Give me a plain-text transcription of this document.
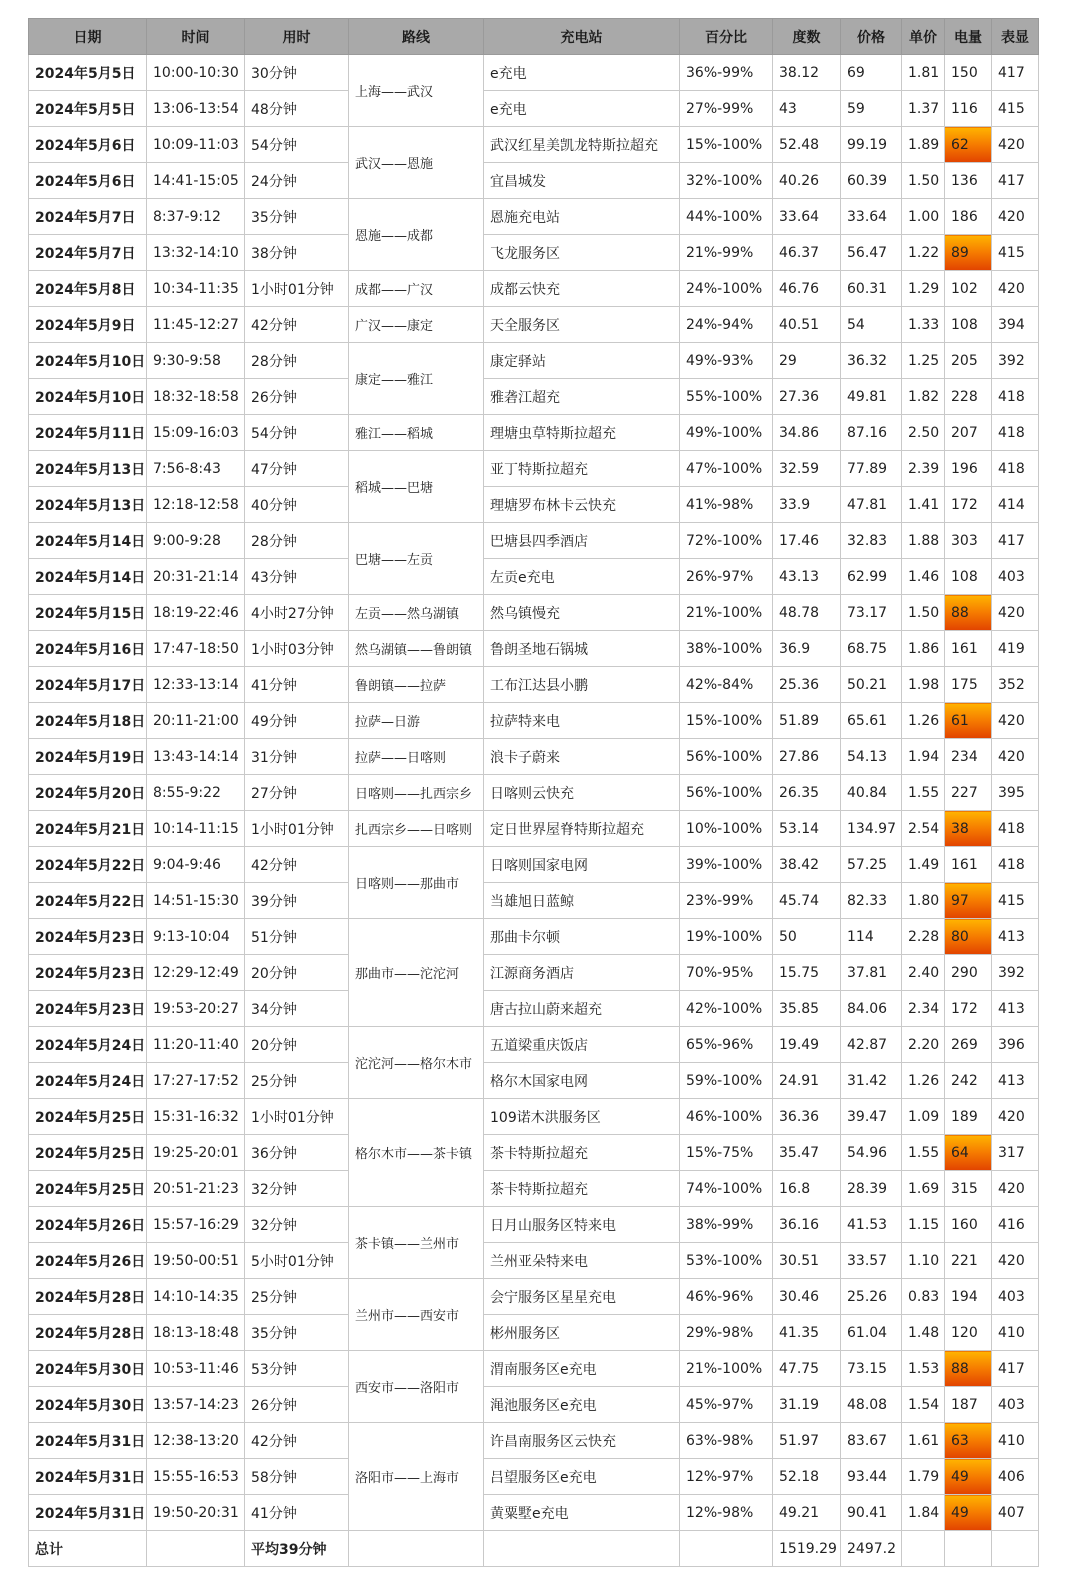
日期	时间	用时	路线	充电站	百分比	度数	价格	单价	电量	表显
2024年5月5日	10:00-10:30	30分钟	上海——武汉	e充电	36%-99%	38.12	69	1.81	150	417
2024年5月5日	13:06-13:54	48分钟		e充电	27%-99%	43	59	1.37	116	415
2024年5月6日	10:09-11:03	54分钟	武汉——恩施	武汉红星美凯龙特斯拉超充	15%-100%	52.48	99.19	1.89	62	420
2024年5月6日	14:41-15:05	24分钟		宜昌城发	32%-100%	40.26	60.39	1.50	136	417
2024年5月7日	8:37-9:12	35分钟	恩施——成都	恩施充电站	44%-100%	33.64	33.64	1.00	186	420
2024年5月7日	13:32-14:10	38分钟		飞龙服务区	21%-99%	46.37	56.47	1.22	89	415
2024年5月8日	10:34-11:35	1小时01分钟	成都——广汉	成都云快充	24%-100%	46.76	60.31	1.29	102	420
2024年5月9日	11:45-12:27	42分钟	广汉——康定	天全服务区	24%-94%	40.51	54	1.33	108	394
2024年5月10日	9:30-9:58	28分钟	康定——雅江	康定驿站	49%-93%	29	36.32	1.25	205	392
2024年5月10日	18:32-18:58	26分钟		雅砻江超充	55%-100%	27.36	49.81	1.82	228	418
2024年5月11日	15:09-16:03	54分钟	雅江——稻城	理塘虫草特斯拉超充	49%-100%	34.86	87.16	2.50	207	418
2024年5月13日	7:56-8:43	47分钟	稻城——巴塘	亚丁特斯拉超充	47%-100%	32.59	77.89	2.39	196	418
2024年5月13日	12:18-12:58	40分钟		理塘罗布林卡云快充	41%-98%	33.9	47.81	1.41	172	414
2024年5月14日	9:00-9:28	28分钟	巴塘——左贡	巴塘县四季酒店	72%-100%	17.46	32.83	1.88	303	417
2024年5月14日	20:31-21:14	43分钟		左贡e充电	26%-97%	43.13	62.99	1.46	108	403
2024年5月15日	18:19-22:46	4小时27分钟	左贡——然乌湖镇	然乌镇慢充	21%-100%	48.78	73.17	1.50	88	420
2024年5月16日	17:47-18:50	1小时03分钟	然乌湖镇——鲁朗镇	鲁朗圣地石锅城	38%-100%	36.9	68.75	1.86	161	419
2024年5月17日	12:33-13:14	41分钟	鲁朗镇——拉萨	工布江达县小鹏	42%-84%	25.36	50.21	1.98	175	352
2024年5月18日	20:11-21:00	49分钟	拉萨—日游	拉萨特来电	15%-100%	51.89	65.61	1.26	61	420
2024年5月19日	13:43-14:14	31分钟	拉萨——日喀则	浪卡子蔚来	56%-100%	27.86	54.13	1.94	234	420
2024年5月20日	8:55-9:22	27分钟	日喀则——扎西宗乡	日喀则云快充	56%-100%	26.35	40.84	1.55	227	395
2024年5月21日	10:14-11:15	1小时01分钟	扎西宗乡——日喀则	定日世界屋脊特斯拉超充	10%-100%	53.14	134.97	2.54	38	418
2024年5月22日	9:04-9:46	42分钟	日喀则——那曲市	日喀则国家电网	39%-100%	38.42	57.25	1.49	161	418
2024年5月22日	14:51-15:30	39分钟		当雄旭日蓝鲸	23%-99%	45.74	82.33	1.80	97	415
2024年5月23日	9:13-10:04	51分钟	那曲市——沱沱河	那曲卡尔顿	19%-100%	50	114	2.28	80	413
2024年5月23日	12:29-12:49	20分钟		江源商务酒店	70%-95%	15.75	37.81	2.40	290	392
2024年5月23日	19:53-20:27	34分钟		唐古拉山蔚来超充	42%-100%	35.85	84.06	2.34	172	413
2024年5月24日	11:20-11:40	20分钟	沱沱河——格尔木市	五道梁重庆饭店	65%-96%	19.49	42.87	2.20	269	396
2024年5月24日	17:27-17:52	25分钟		格尔木国家电网	59%-100%	24.91	31.42	1.26	242	413
2024年5月25日	15:31-16:32	1小时01分钟	格尔木市——茶卡镇	109诺木洪服务区	46%-100%	36.36	39.47	1.09	189	420
2024年5月25日	19:25-20:01	36分钟		茶卡特斯拉超充	15%-75%	35.47	54.96	1.55	64	317
2024年5月25日	20:51-21:23	32分钟		茶卡特斯拉超充	74%-100%	16.8	28.39	1.69	315	420
2024年5月26日	15:57-16:29	32分钟	茶卡镇——兰州市	日月山服务区特来电	38%-99%	36.16	41.53	1.15	160	416
2024年5月26日	19:50-00:51	5小时01分钟		兰州亚朵特来电	53%-100%	30.51	33.57	1.10	221	420
2024年5月28日	14:10-14:35	25分钟	兰州市——西安市	会宁服务区星星充电	46%-96%	30.46	25.26	0.83	194	403
2024年5月28日	18:13-18:48	35分钟		彬州服务区	29%-98%	41.35	61.04	1.48	120	410
2024年5月30日	10:53-11:46	53分钟	西安市——洛阳市	渭南服务区e充电	21%-100%	47.75	73.15	1.53	88	417
2024年5月30日	13:57-14:23	26分钟		渑池服务区e充电	45%-97%	31.19	48.08	1.54	187	403
2024年5月31日	12:38-13:20	42分钟	洛阳市——上海市	许昌南服务区云快充	63%-98%	51.97	83.67	1.61	63	410
2024年5月31日	15:55-16:53	58分钟		吕望服务区e充电	12%-97%	52.18	93.44	1.79	49	406
2024年5月31日	19:50-20:31	41分钟		黄粟墅e充电	12%-98%	49.21	90.41	1.84	49	407
总计		平均39分钟				1519.29	2497.2			
